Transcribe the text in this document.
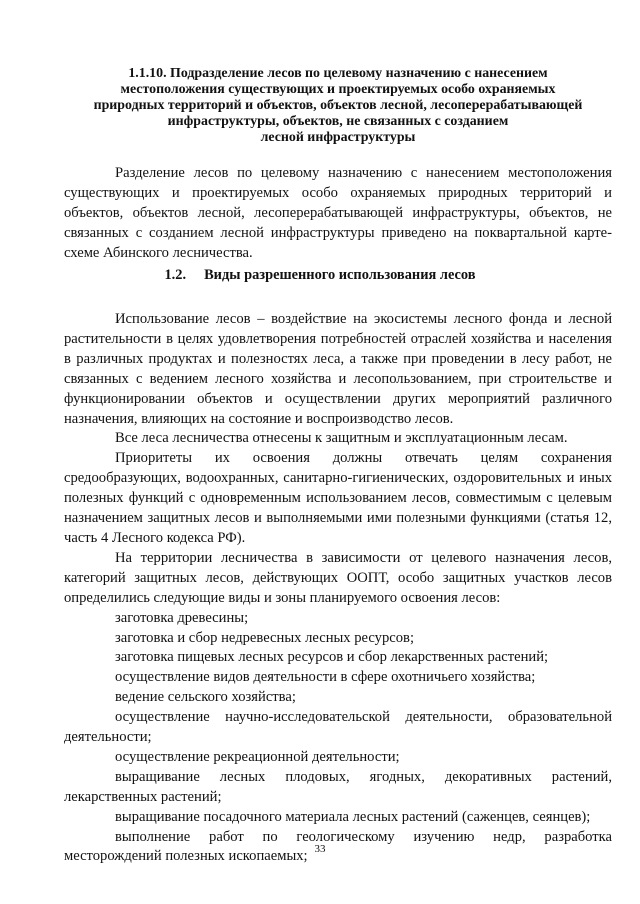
1.1.10. Подразделение лесов по целевому назначению с нанесением
местоположения существующих и проектируемых особо охраняемых
природных территорий и объектов, объектов лесной, лесоперерабатывающей
инфраструктуры, объектов, не связанных с созданием
лесной инфраструктуры

Разделение лесов по целевому назначению с нанесением местоположения существующих и проектируемых особо охраняемых природных территорий и объектов, объектов лесной, лесоперерабатывающей инфраструктуры, объектов, не связанных с созданием лесной инфраструктуры приведено на поквартальной карте-схеме Абинского лесничества.

1.2. Виды разрешенного использования лесов

Использование лесов – воздействие на экосистемы лесного фонда и лесной растительности в целях удовлетворения потребностей отраслей хозяйства и населения в различных продуктах и полезностях леса, а также при проведении в лесу работ, не связанных с ведением лесного хозяйства и лесопользованием, при строительстве и функционировании объектов и осуществлении других мероприятий различного назначения, влияющих на состояние и воспроизводство лесов.

Все леса лесничества отнесены к защитным и эксплуатационным лесам.

Приоритеты их освоения должны отвечать целям сохранения средообразующих, водоохранных, санитарно-гигиенических, оздоровительных и иных полезных функций с одновременным использованием лесов, совместимым с целевым назначением защитных лесов и выполняемыми ими полезными функциями (статья 12, часть 4 Лесного кодекса РФ).

На территории лесничества в зависимости от целевого назначения лесов, категорий защитных лесов, действующих ООПТ, особо защитных участков лесов определились следующие виды и зоны планируемого освоения лесов:

заготовка древесины;

заготовка и сбор недревесных лесных ресурсов;

заготовка пищевых лесных ресурсов и сбор лекарственных растений;

осуществление видов деятельности в сфере охотничьего хозяйства;

ведение сельского хозяйства;

осуществление научно-исследовательской деятельности, образовательной деятельности;

осуществление рекреационной деятельности;

выращивание лесных плодовых, ягодных, декоративных растений, лекарственных растений;

выращивание посадочного материала лесных растений (саженцев, сеянцев);

выполнение работ по геологическому изучению недр, разработка месторождений полезных ископаемых; 33
